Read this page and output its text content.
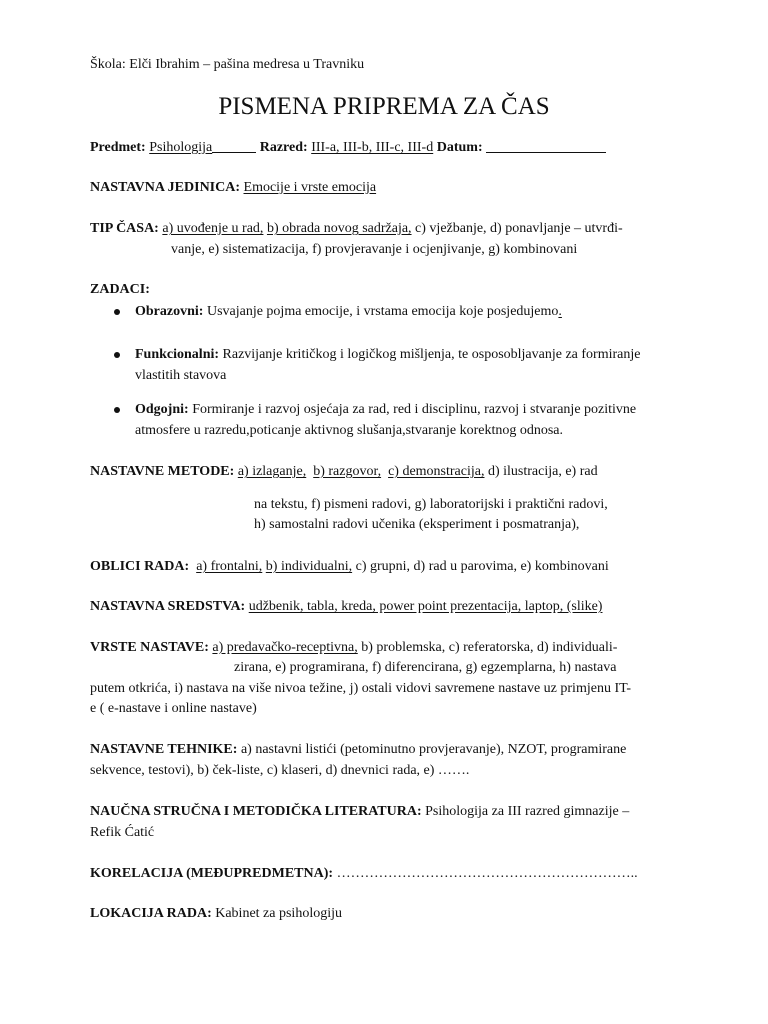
Škola: Elči Ibrahim – pašina medresa u Travniku
PISMENA PRIPREMA ZA ČAS
Predmet: Psihologija	Razred: III-a, III-b, III-c, III-d Datum:
NASTAVNA JEDINICA: Emocije i vrste emocija
TIP ČASA: a) uvođenje u rad, b) obrada novog sadržaja, c) vježbanje, d) ponavljanje – utvrđi-
vanje, e) sistematizacija, f) provjeravanje i ocjenjivanje, g) kombinovani
ZADACI:
Obrazovni: Usvajanje pojma emocije, i vrstama emocija koje posjedujemo.
Funkcionalni: Razvijanje kritičkog i logičkog mišljenja, te osposobljavanje za formiranje
vlastitih stavova
Odgojni: Formiranje i razvoj osjećaja za rad, red i disciplinu, razvoj i stvaranje pozitivne
atmosfere u razredu,poticanje aktivnog slušanja,stvaranje korektnog odnosa.
NASTAVNE METODE: a) izlaganje, b) razgovor, c) demonstracija, d) ilustracija, e) rad
na tekstu, f) pismeni radovi, g) laboratorijski i praktični radovi,
h) samostalni radovi učenika (eksperiment i posmatranja),
OBLICI RADA: a) frontalni, b) individualni, c) grupni, d) rad u parovima, e) kombinovani
NASTAVNA SREDSTVA: udžbenik, tabla, kreda, power point prezentacija, laptop, (slike)
VRSTE NASTAVE: a) predavačko-receptivna, b) problemska, c) referatorska, d) individuali-
zirana, e) programirana, f) diferencirana, g) egzemplarna, h) nastava
putem otkrića, i) nastava na više nivoa težine, j) ostali vidovi savremene nastave uz primjenu IT-
e ( e-nastave i online nastave)
NASTAVNE TEHNIKE: a) nastavni listići (petominutno provjeravanje), NZOT, programirane
sekvence, testovi), b) ček-liste, c) klaseri, d) dnevnici rada, e) …….
NAUČNA STRUČNA I METODIČKA LITERATURA: Psihologija za III razred gimnazije –
Refik Ćatić
KORELACIJA (MEĐUPREDMETNA): ………………………………………………………..
LOKACIJA RADA: Kabinet za psihologiju
